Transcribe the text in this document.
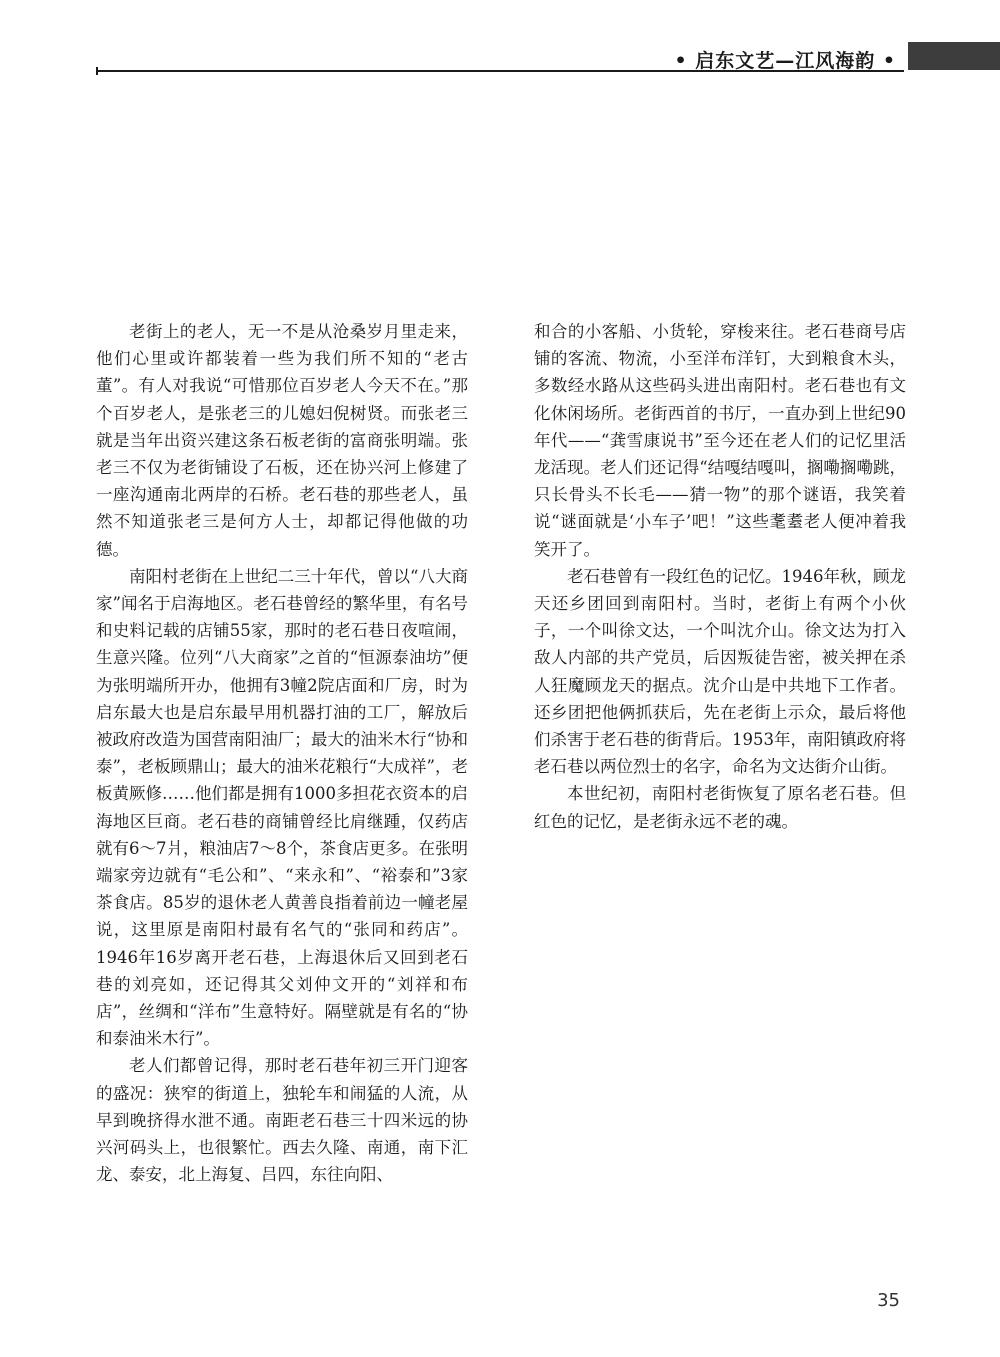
• 启东文艺—江风海韵 •

老街上的老人，无一不是从沧桑岁月里走来，他们心里或许都装着一些为我们所不知的“老古董”。有人对我说“可惜那位百岁老人今天不在。”那个百岁老人，是张老三的儿媳妇倪树贤。而张老三就是当年出资兴建这条石板老街的富商张明端。张老三不仅为老街铺设了石板，还在协兴河上修建了一座沟通南北两岸的石桥。老石巷的那些老人，虽然不知道张老三是何方人士，却都记得他做的功德。

南阳村老街在上世纪二三十年代，曾以“八大商家”闻名于启海地区。老石巷曾经的繁华里，有名号和史料记载的店铺55家，那时的老石巷日夜喧闹，生意兴隆。位列“八大商家”之首的“恒源泰油坊”便为张明端所开办，他拥有3幢2院店面和厂房，时为启东最大也是启东最早用机器打油的工厂，解放后被政府改造为国营南阳油厂；最大的油米木行“协和泰”，老板顾鼎山；最大的油米花粮行“大成祥”，老板黄厥修……他们都是拥有1000多担花衣资本的启海地区巨商。老石巷的商铺曾经比肩继踵，仅药店就有6～7爿，粮油店7～8个，茶食店更多。在张明端家旁边就有“毛公和”、“来永和”、“裕泰和”3家茶食店。85岁的退休老人黄善良指着前边一幢老屋说，这里原是南阳村最有名气的“张同和药店”。1946年16岁离开老石巷，上海退休后又回到老石巷的刘亮如，还记得其父刘仲文开的“刘祥和布店”，丝绸和“洋布”生意特好。隔壁就是有名的“协和泰油米木行”。

老人们都曾记得，那时老石巷年初三开门迎客的盛况：狭窄的街道上，独轮车和闹猛的人流，从早到晚挤得水泄不通。南距老石巷三十四米远的协兴河码头上，也很繁忙。西去久隆、南通，南下汇龙、泰安，北上海复、吕四，东往向阳、

和合的小客船、小货轮，穿梭来往。老石巷商号店铺的客流、物流，小至洋布洋钉，大到粮食木头，多数经水路从这些码头进出南阳村。老石巷也有文化休闲场所。老街西首的书厅，一直办到上世纪90年代——“龚雪康说书”至今还在老人们的记忆里活龙活现。老人们还记得“结嘎结嘎叫，搁嘞搁嘞跳，只长骨头不长毛——猜一物”的那个谜语，我笑着说“谜面就是‘小车子’吧！”这些耄耋老人便冲着我笑开了。

老石巷曾有一段红色的记忆。1946年秋，顾龙天还乡团回到南阳村。当时，老街上有两个小伙子，一个叫徐文达，一个叫沈介山。徐文达为打入敌人内部的共产党员，后因叛徒告密，被关押在杀人狂魔顾龙天的据点。沈介山是中共地下工作者。还乡团把他俩抓获后，先在老街上示众，最后将他们杀害于老石巷的街背后。1953年，南阳镇政府将老石巷以两位烈士的名字，命名为文达街介山街。

本世纪初，南阳村老街恢复了原名老石巷。但红色的记忆，是老街永远不老的魂。

35
